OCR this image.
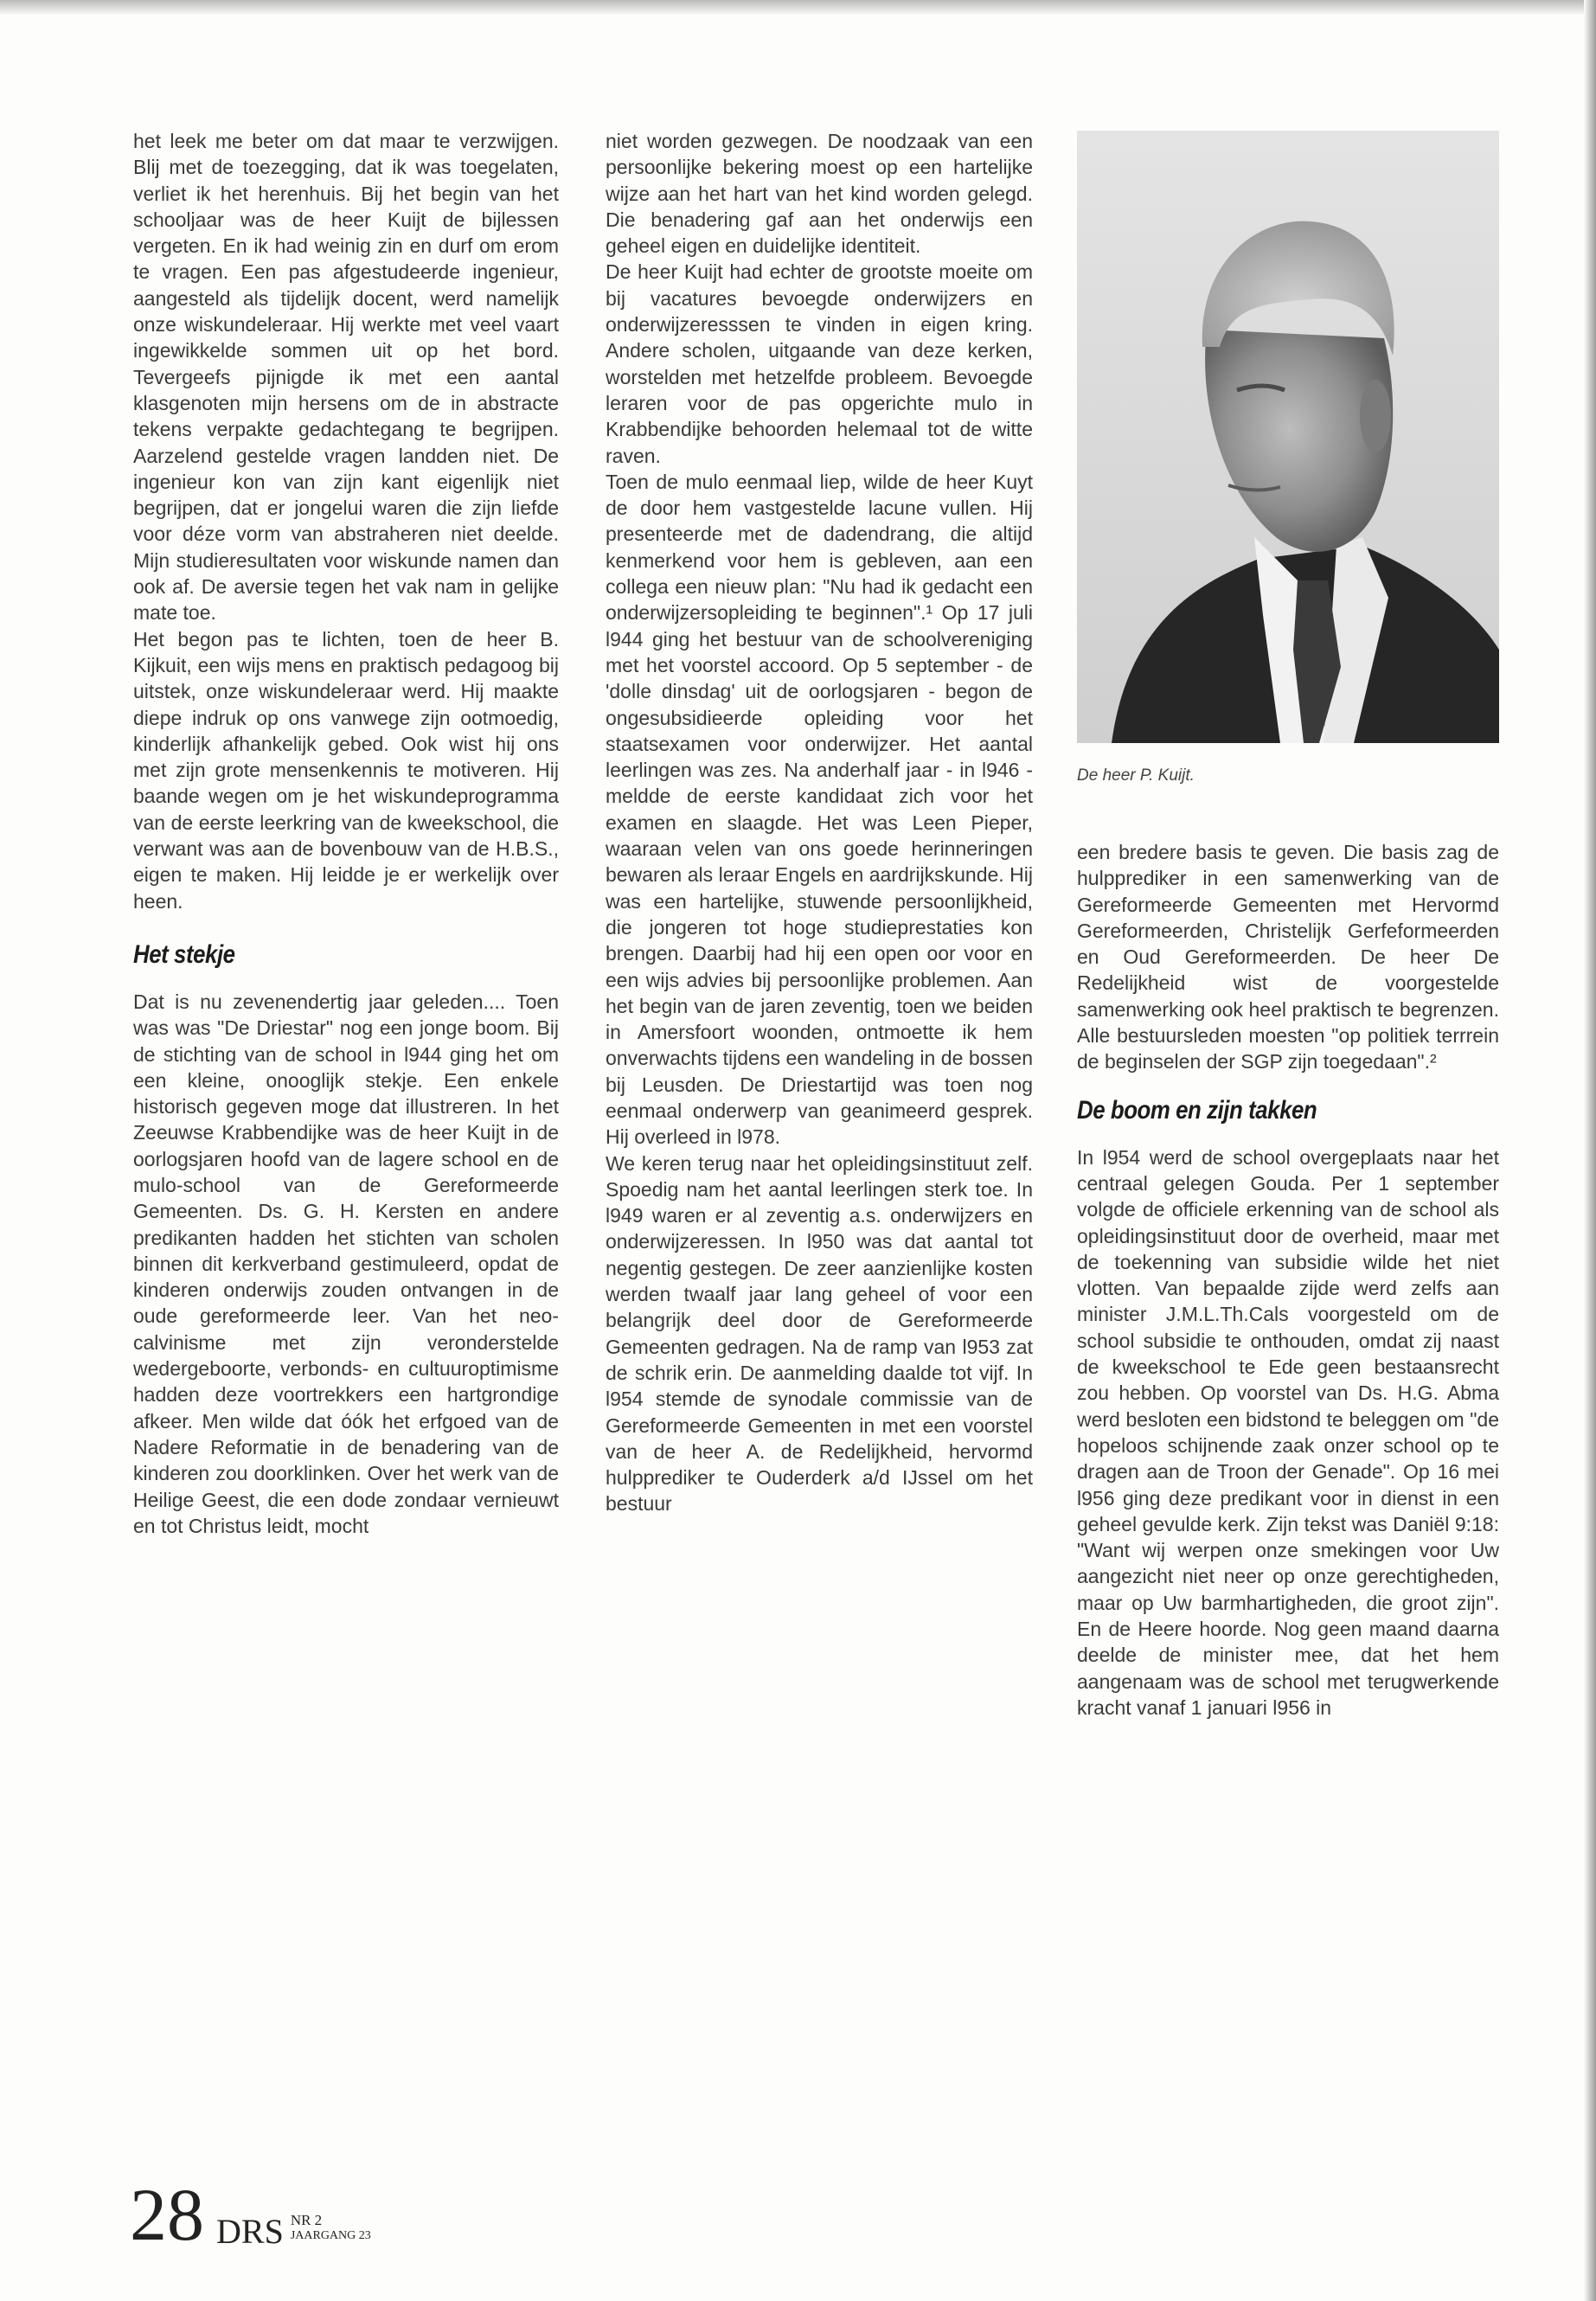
het leek me beter om dat maar te verzwijgen. Blij met de toezegging, dat ik was toegelaten, verliet ik het herenhuis. Bij het begin van het schooljaar was de heer Kuijt de bijlessen vergeten. En ik had weinig zin en durf om erom te vragen. Een pas afgestudeerde ingenieur, aangesteld als tijdelijk docent, werd namelijk onze wiskundeleraar. Hij werkte met veel vaart ingewikkelde sommen uit op het bord. Tevergeefs pijnigde ik met een aantal klasgenoten mijn hersens om de in abstracte tekens verpakte gedachtegang te begrijpen. Aarzelend gestelde vragen landden niet. De ingenieur kon van zijn kant eigenlijk niet begrijpen, dat er jongelui waren die zijn liefde voor déze vorm van abstraheren niet deelde. Mijn studieresultaten voor wiskunde namen dan ook af. De aversie tegen het vak nam in gelijke mate toe.

Het begon pas te lichten, toen de heer B. Kijkuit, een wijs mens en praktisch pedagoog bij uitstek, onze wiskundeleraar werd. Hij maakte diepe indruk op ons vanwege zijn ootmoedig, kinderlijk afhankelijk gebed. Ook wist hij ons met zijn grote mensenkennis te motiveren. Hij baande wegen om je het wiskundeprogramma van de eerste leerkring van de kweekschool, die verwant was aan de bovenbouw van de H.B.S., eigen te maken. Hij leidde je er werkelijk over heen.

Het stekje

Dat is nu zevenendertig jaar geleden.... Toen was was "De Driestar" nog een jonge boom. Bij de stichting van de school in l944 ging het om een kleine, onooglijk stekje. Een enkele historisch gegeven moge dat illustreren. In het Zeeuwse Krabbendijke was de heer Kuijt in de oorlogsjaren hoofd van de lagere school en de mulo-school van de Gereformeerde Gemeenten. Ds. G. H. Kersten en andere predikanten hadden het stichten van scholen binnen dit kerkverband gestimuleerd, opdat de kinderen onderwijs zouden ontvangen in de oude gereformeerde leer. Van het neo-calvinisme met zijn veronderstelde wedergeboorte, verbonds- en cultuuroptimisme hadden deze voortrekkers een hartgrondige afkeer. Men wilde dat óók het erfgoed van de Nadere Reformatie in de benadering van de kinderen zou doorklinken. Over het werk van de Heilige Geest, die een dode zondaar vernieuwt en tot Christus leidt, mocht

niet worden gezwegen. De noodzaak van een persoonlijke bekering moest op een hartelijke wijze aan het hart van het kind worden gelegd. Die benadering gaf aan het onderwijs een geheel eigen en duidelijke identiteit.

De heer Kuijt had echter de grootste moeite om bij vacatures bevoegde onderwijzers en onderwijzeresssen te vinden in eigen kring. Andere scholen, uitgaande van deze kerken, worstelden met hetzelfde probleem. Bevoegde leraren voor de pas opgerichte mulo in Krabbendijke behoorden helemaal tot de witte raven.

Toen de mulo eenmaal liep, wilde de heer Kuyt de door hem vastgestelde lacune vullen. Hij presenteerde met de dadendrang, die altijd kenmerkend voor hem is gebleven, aan een collega een nieuw plan: "Nu had ik gedacht een onderwijzersopleiding te beginnen".¹ Op 17 juli l944 ging het bestuur van de schoolvereniging met het voorstel accoord. Op 5 september - de 'dolle dinsdag' uit de oorlogsjaren - begon de ongesubsidieerde opleiding voor het staatsexamen voor onderwijzer. Het aantal leerlingen was zes. Na anderhalf jaar - in l946 - meldde de eerste kandidaat zich voor het examen en slaagde. Het was Leen Pieper, waaraan velen van ons goede herinneringen bewaren als leraar Engels en aardrijkskunde. Hij was een hartelijke, stuwende persoonlijkheid, die jongeren tot hoge studieprestaties kon brengen. Daarbij had hij een open oor voor en een wijs advies bij persoonlijke problemen. Aan het begin van de jaren zeventig, toen we beiden in Amersfoort woonden, ontmoette ik hem onverwachts tijdens een wandeling in de bossen bij Leusden. De Driestartijd was toen nog eenmaal onderwerp van geanimeerd gesprek. Hij overleed in l978.

We keren terug naar het opleidingsinstituut zelf. Spoedig nam het aantal leerlingen sterk toe. In l949 waren er al zeventig a.s. onderwijzers en onderwijzeressen. In l950 was dat aantal tot negentig gestegen. De zeer aanzienlijke kosten werden twaalf jaar lang geheel of voor een belangrijk deel door de Gereformeerde Gemeenten gedragen. Na de ramp van l953 zat de schrik erin. De aanmelding daalde tot vijf. In l954 stemde de synodale commissie van de Gereformeerde Gemeenten in met een voorstel van de heer A. de Redelijkheid, hervormd hulpprediker te Ouderderk a/d IJssel om het bestuur

De heer P. Kuijt.

een bredere basis te geven. Die basis zag de hulpprediker in een samenwerking van de Gereformeerde Gemeenten met Hervormd Gereformeerden, Christelijk Gerfeformeerden en Oud Gereformeerden. De heer De Redelijkheid wist de voorgestelde samenwerking ook heel praktisch te begrenzen. Alle bestuursleden moesten "op politiek terrrein de beginselen der SGP zijn toegedaan".²

De boom en zijn takken

In l954 werd de school overgeplaats naar het centraal gelegen Gouda. Per 1 september volgde de officiele erkenning van de school als opleidingsinstituut door de overheid, maar met de toekenning van subsidie wilde het niet vlotten. Van bepaalde zijde werd zelfs aan minister J.M.L.Th.Cals voorgesteld om de school subsidie te onthouden, omdat zij naast de kweekschool te Ede geen bestaansrecht zou hebben. Op voorstel van Ds. H.G. Abma werd besloten een bidstond te beleggen om "de hopeloos schijnende zaak onzer school op te dragen aan de Troon der Genade". Op 16 mei l956 ging deze predikant voor in dienst in een geheel gevulde kerk. Zijn tekst was Daniël 9:18: "Want wij werpen onze smekingen voor Uw aangezicht niet neer op onze gerechtigheden, maar op Uw barmhartigheden, die groot zijn". En de Heere hoorde. Nog geen maand daarna deelde de minister mee, dat het hem aangenaam was de school met terugwerkende kracht vanaf 1 januari l956 in

28 DRS NR 2
JAARGANG 23
